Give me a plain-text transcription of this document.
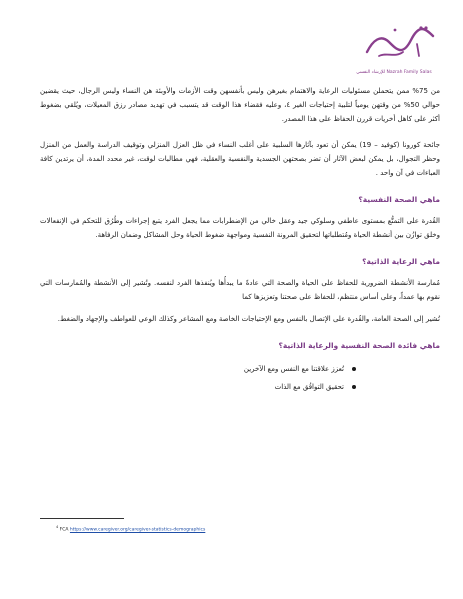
للإرشاد النفسي Nazrah Family Salas

من 75% ممن يتحملن مسئوليات الرعاية والاهتمام بغيرهن وليس بأنفسهن وقت الأزمات والأوبئة هن النساء وليس الرجال، حيث يقضين حوالي 50% من وقتهن يومياً لتلبية إحتياجات الغير ٤، وعليه فقضاء هذا الوقت قد يتسبب في تهديد مصادر رزق المعيلات، ويُلقي بضغوط أكثر على كاهل أخريات قررن الحفاظ على هذا المصدر.

جائحة كورونا (كوفيد – 19) يمكن أن تعود بآثارها السلبية على أغلب النساء في ظل العزل المنزلي وتوقيف الدراسة والعمل من المنزل وحظر التجوال، بل يمكن لبعض الآثار أن تضر بصحتهن الجسدية والنفسية والعقلية، فهي مطالبات لوقت، غير محدد المدة، أن يرتدين كافة العباءات في آن واحد .

ماهي الصحة النفسية؟

القُدرة على التمتُّع بمستوى عاطفي وسلوكي جيد وعقل خالي من الإضطرابات مما يجعل الفرد يتبع إجراءات وطُرُق للتحكم في الإنفعالات وخلق توازُن بين أنشطة الحياة ومُتطلباتها لتحقيق المرونة النفسية ومواجهة ضغوط الحياة وحل المشاكل وضمان الرفاهة.

ماهي الرعاية الذاتية؟

مُمارسة الأنشطة الضرورية للحفاظ على الحياة والصحة التي عادةً ما يبدأُها ويُنفذها الفرد لنفسه. وتُشير إلى الأنشطة والمُمارسات التي نقوم بها عمداً، وعلى أساس منتظم، للحفاظ على صحتنا وتعزيزها كما

تُشير إلى الصحة العامة، والقُدرة على الإتصال بالنفس ومع الإحتياجات الخاصة ومع المشاعر وكذلك الوعي للعواطف والإجهاد والضغط.

ماهي فائدة الصحة النفسية والرعاية الذاتية؟
تُعزز علاقتنا مع النفس ومع الآخرين
تحقيق التوافُق مع الذات
$^4$ FCA https://www.caregiver.org/caregiver-statistics-demographics
